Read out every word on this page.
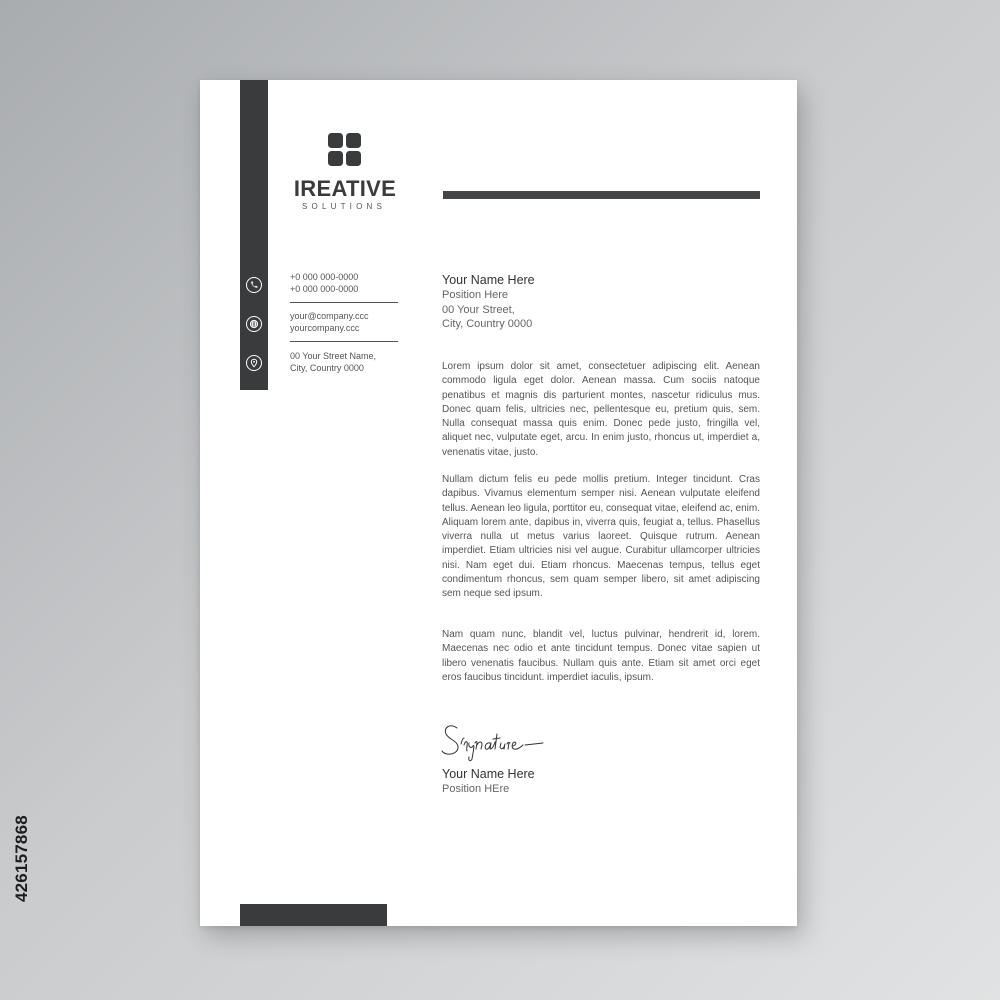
426157868
IREATIVE
SOLUTIONS
+0 000 000-0000
+0 000 000-0000
your@company.ccc
yourcompany.ccc
00 Your Street Name,
City, Country 0000
Your Name Here
Position Here
00 Your Street,
City, Country 0000

Lorem ipsum dolor sit amet, consectetuer adipiscing elit. Aenean commodo ligula eget dolor. Aenean massa. Cum sociis natoque penatibus et magnis dis parturient montes, nascetur ridiculus mus. Donec quam felis, ultricies nec, pellentesque eu, pretium quis, sem. Nulla consequat massa quis enim. Donec pede justo, fringilla vel, aliquet nec, vulputate eget, arcu. In enim justo, rhoncus ut, imperdiet a, venenatis vitae, justo.

Nullam dictum felis eu pede mollis pretium. Integer tincidunt. Cras dapibus. Vivamus elementum semper nisi. Aenean vulputate eleifend tellus. Aenean leo ligula, porttitor eu, consequat vitae, eleifend ac, enim. Aliquam lorem ante, dapibus in, viverra quis, feugiat a, tellus. Phasellus viverra nulla ut metus varius laoreet. Quisque rutrum. Aenean imperdiet. Etiam ultricies nisi vel augue. Curabitur ullamcorper ultricies nisi. Nam eget dui. Etiam rhoncus. Maecenas tempus, tellus eget condimentum rhoncus, sem quam semper libero, sit amet adipiscing sem neque sed ipsum.

Nam quam nunc, blandit vel, luctus pulvinar, hendrerit id, lorem. Maecenas nec odio et ante tincidunt tempus. Donec vitae sapien ut libero venenatis faucibus. Nullam quis ante. Etiam sit amet orci eget eros faucibus tincidunt. imperdiet iaculis, ipsum.

Your Name Here
Position HEre
